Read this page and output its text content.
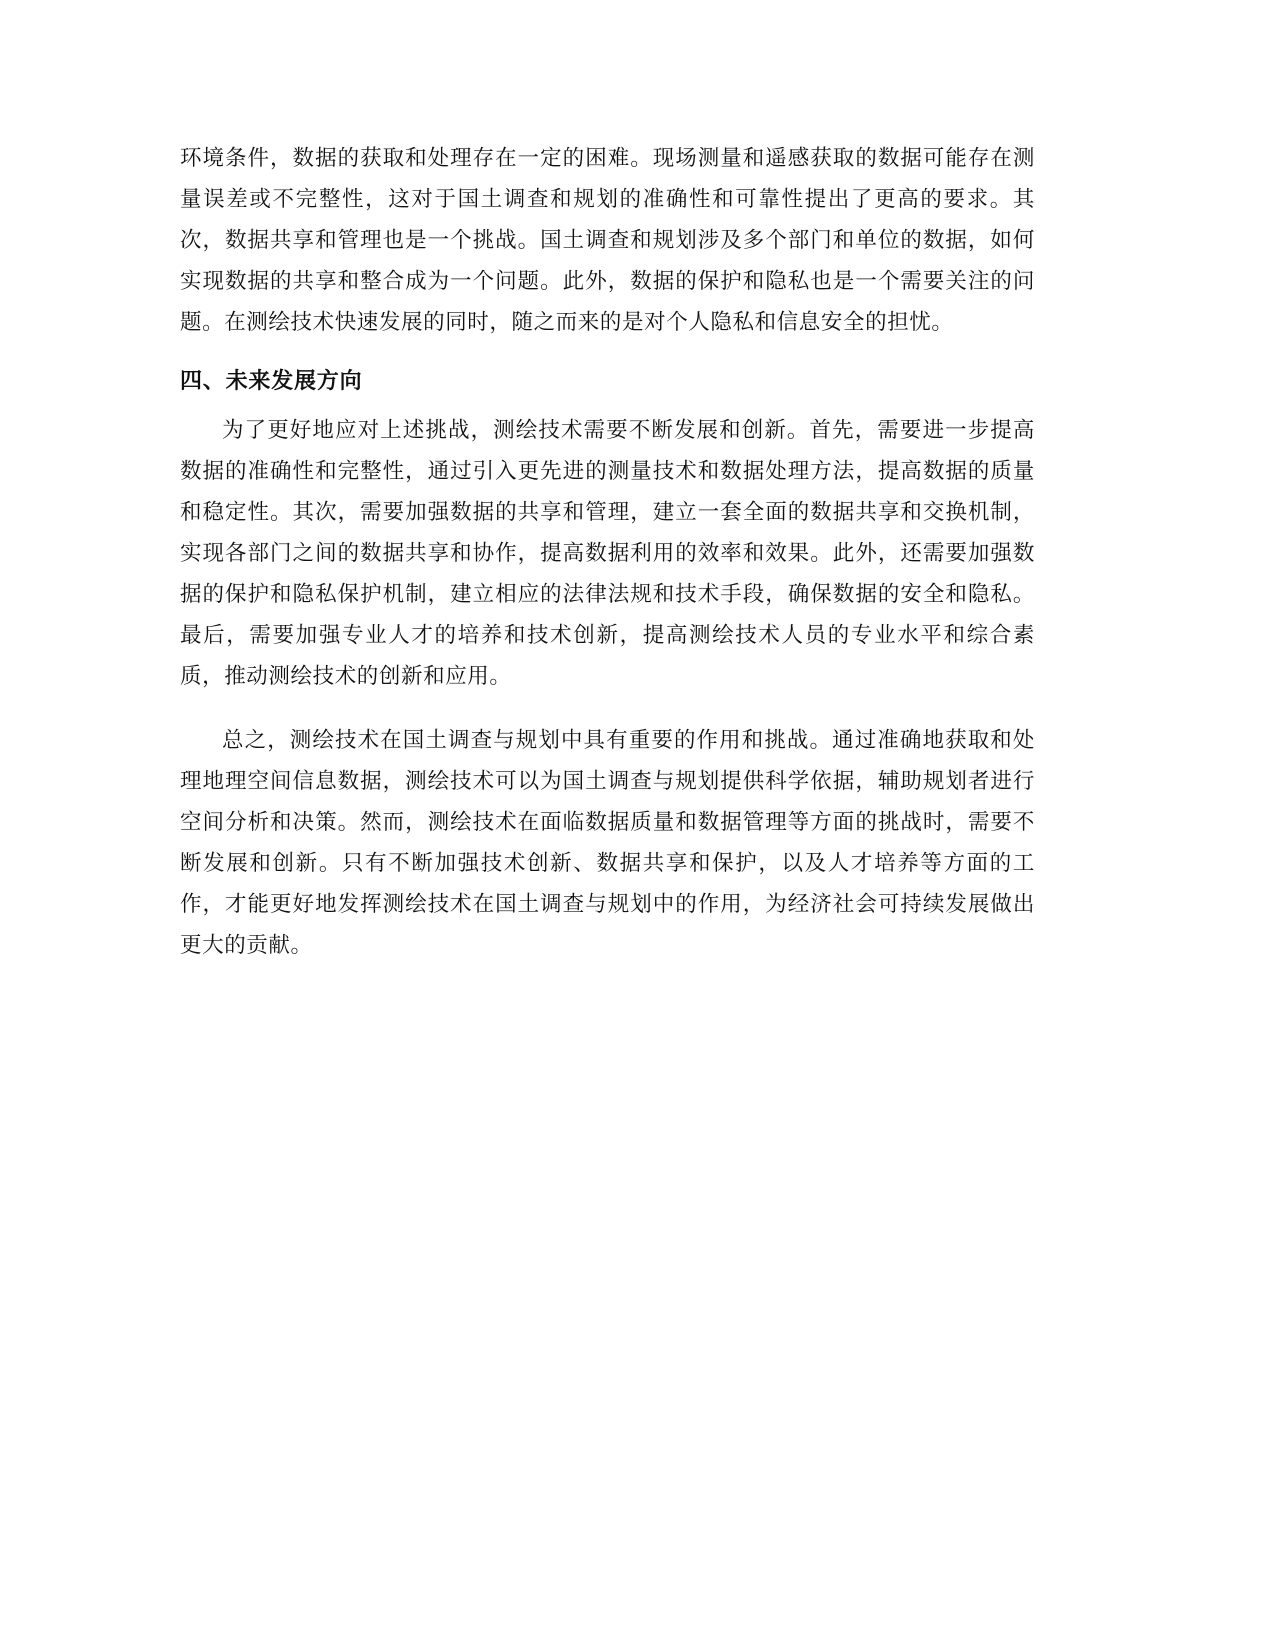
环境条件，数据的获取和处理存在一定的困难。现场测量和遥感获取的数据可能存在测量误差或不完整性，这对于国土调查和规划的准确性和可靠性提出了更高的要求。其次，数据共享和管理也是一个挑战。国土调查和规划涉及多个部门和单位的数据，如何实现数据的共享和整合成为一个问题。此外，数据的保护和隐私也是一个需要关注的问题。在测绘技术快速发展的同时，随之而来的是对个人隐私和信息安全的担忧。

四、未来发展方向

为了更好地应对上述挑战，测绘技术需要不断发展和创新。首先，需要进一步提高数据的准确性和完整性，通过引入更先进的测量技术和数据处理方法，提高数据的质量和稳定性。其次，需要加强数据的共享和管理，建立一套全面的数据共享和交换机制，实现各部门之间的数据共享和协作，提高数据利用的效率和效果。此外，还需要加强数据的保护和隐私保护机制，建立相应的法律法规和技术手段，确保数据的安全和隐私。最后，需要加强专业人才的培养和技术创新，提高测绘技术人员的专业水平和综合素质，推动测绘技术的创新和应用。

总之，测绘技术在国土调查与规划中具有重要的作用和挑战。通过准确地获取和处理地理空间信息数据，测绘技术可以为国土调查与规划提供科学依据，辅助规划者进行空间分析和决策。然而，测绘技术在面临数据质量和数据管理等方面的挑战时，需要不断发展和创新。只有不断加强技术创新、数据共享和保护，以及人才培养等方面的工作，才能更好地发挥测绘技术在国土调查与规划中的作用，为经济社会可持续发展做出更大的贡献。
